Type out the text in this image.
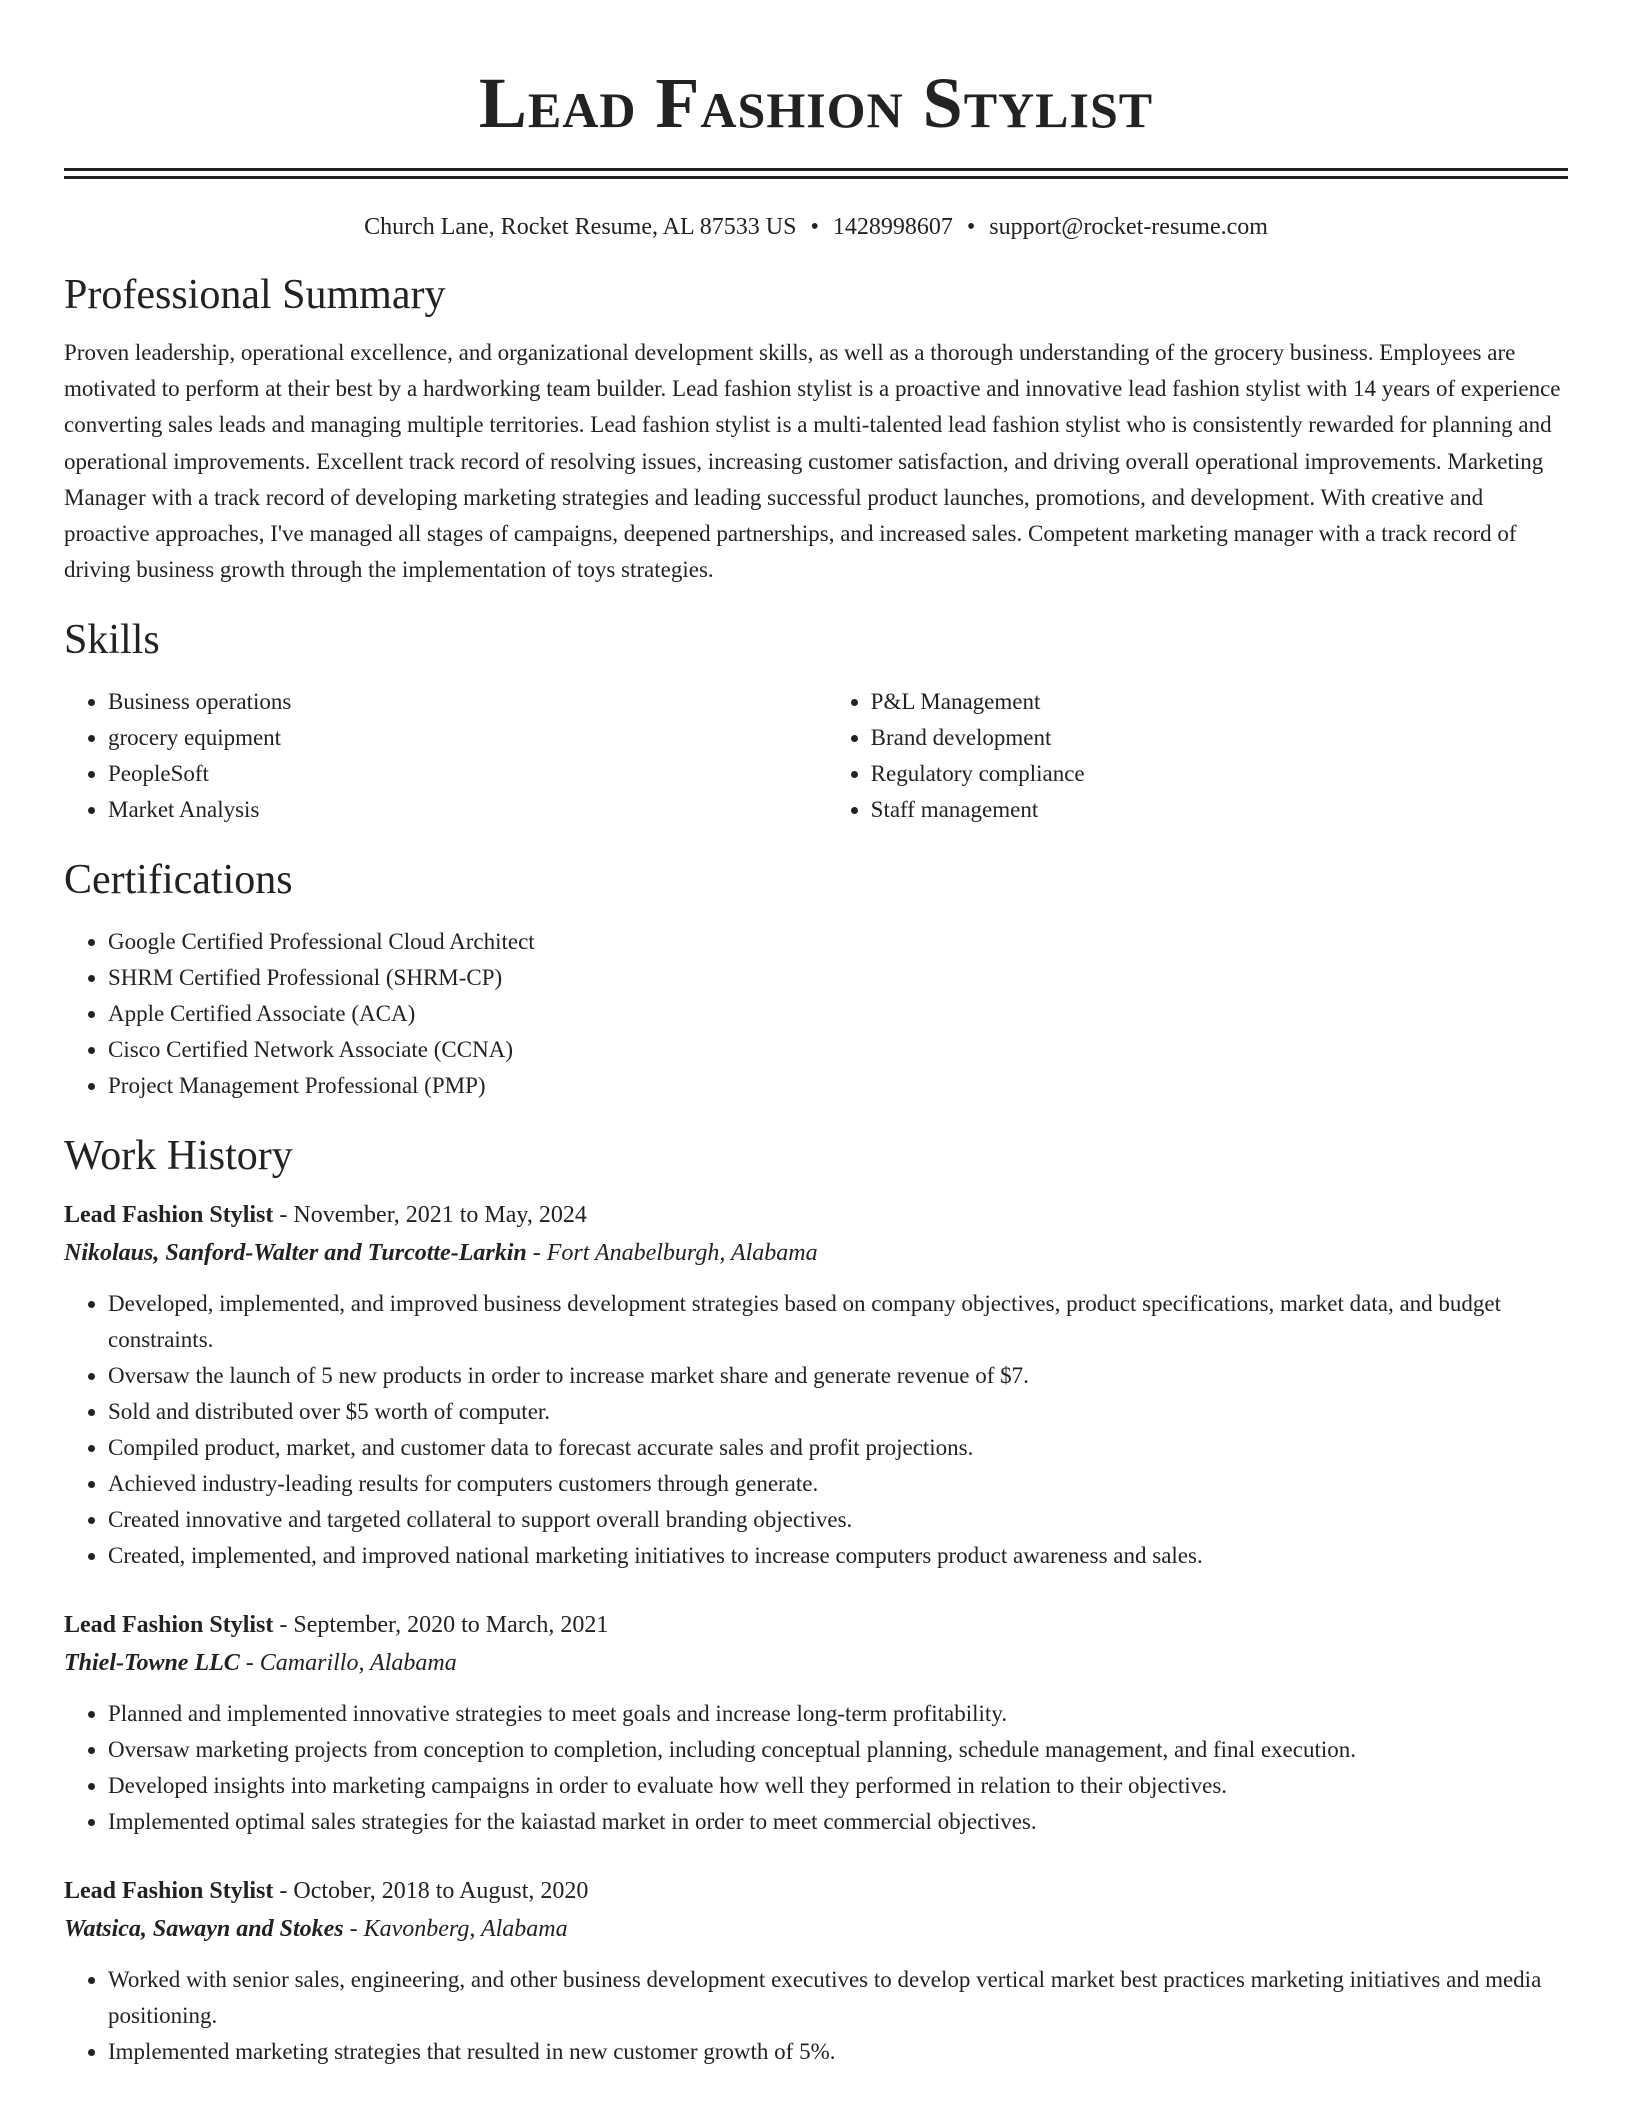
Lead Fashion Stylist
Church Lane, Rocket Resume, AL 87533 US • 1428998607 • support@rocket-resume.com
Professional Summary

Proven leadership, operational excellence, and organizational development skills, as well as a thorough understanding of the grocery business. Employees are motivated to perform at their best by a hardworking team builder. Lead fashion stylist is a proactive and innovative lead fashion stylist with 14 years of experience converting sales leads and managing multiple territories. Lead fashion stylist is a multi-talented lead fashion stylist who is consistently rewarded for planning and operational improvements. Excellent track record of resolving issues, increasing customer satisfaction, and driving overall operational improvements. Marketing Manager with a track record of developing marketing strategies and leading successful product launches, promotions, and development. With creative and proactive approaches, I've managed all stages of campaigns, deepened partnerships, and increased sales. Competent marketing manager with a track record of driving business growth through the implementation of toys strategies.

Skills
• Business operations
• grocery equipment
• PeopleSoft
• Market Analysis
• P&L Management
• Brand development
• Regulatory compliance
• Staff management
Certifications
• Google Certified Professional Cloud Architect
• SHRM Certified Professional (SHRM-CP)
• Apple Certified Associate (ACA)
• Cisco Certified Network Associate (CCNA)
• Project Management Professional (PMP)
Work History
Lead Fashion Stylist - November, 2021 to May, 2024
Nikolaus, Sanford-Walter and Turcotte-Larkin - Fort Anabelburgh, Alabama
• Developed, implemented, and improved business development strategies based on company objectives, product specifications, market data, and budget constraints.
• Oversaw the launch of 5 new products in order to increase market share and generate revenue of $7.
• Sold and distributed over $5 worth of computer.
• Compiled product, market, and customer data to forecast accurate sales and profit projections.
• Achieved industry-leading results for computers customers through generate.
• Created innovative and targeted collateral to support overall branding objectives.
• Created, implemented, and improved national marketing initiatives to increase computers product awareness and sales.
Lead Fashion Stylist - September, 2020 to March, 2021
Thiel-Towne LLC - Camarillo, Alabama
• Planned and implemented innovative strategies to meet goals and increase long-term profitability.
• Oversaw marketing projects from conception to completion, including conceptual planning, schedule management, and final execution.
• Developed insights into marketing campaigns in order to evaluate how well they performed in relation to their objectives.
• Implemented optimal sales strategies for the kaiastad market in order to meet commercial objectives.
Lead Fashion Stylist - October, 2018 to August, 2020
Watsica, Sawayn and Stokes - Kavonberg, Alabama
• Worked with senior sales, engineering, and other business development executives to develop vertical market best practices marketing initiatives and media positioning.
• Implemented marketing strategies that resulted in new customer growth of 5%.
